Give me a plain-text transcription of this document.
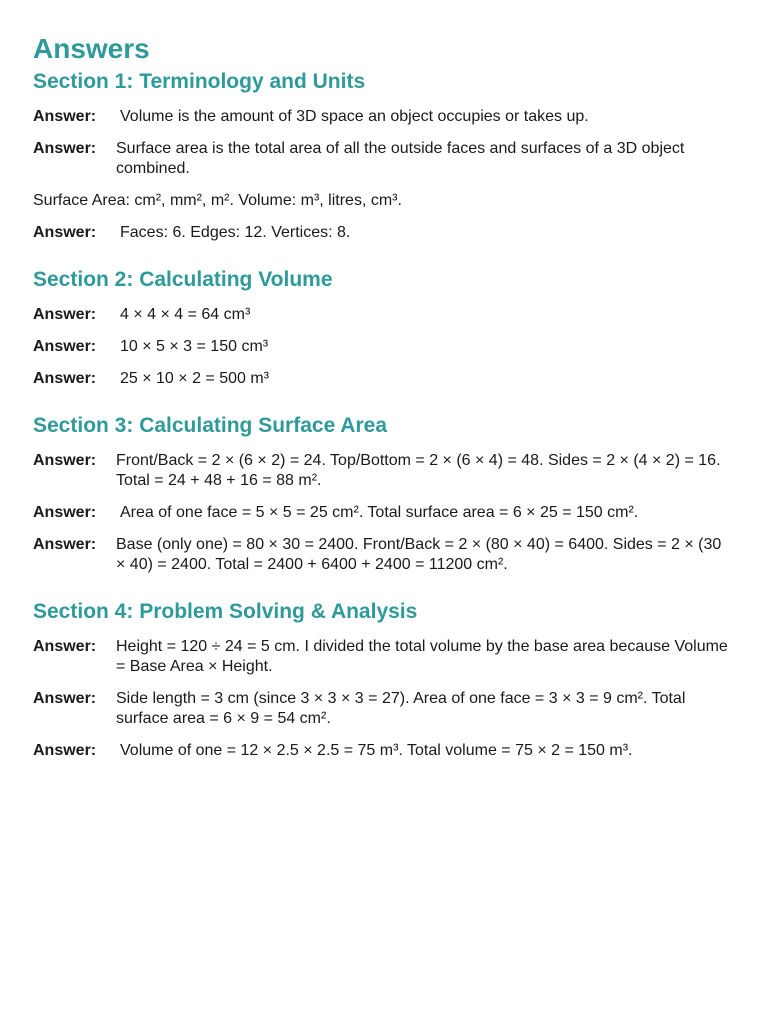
Answers
Section 1: Terminology and Units
Answer:	Volume is the amount of 3D space an object occupies or takes up.
Answer:	Surface area is the total area of all the outside faces and surfaces of a 3D object combined.
Surface Area: cm², mm², m². Volume: m³, litres, cm³.
Answer:	Faces: 6. Edges: 12. Vertices: 8.
Section 2: Calculating Volume
Answer:	4 × 4 × 4 = 64 cm³
Answer:	10 × 5 × 3 = 150 cm³
Answer:	25 × 10 × 2 = 500 m³
Section 3: Calculating Surface Area
Answer:	Front/Back = 2 × (6 × 2) = 24. Top/Bottom = 2 × (6 × 4) = 48. Sides = 2 × (4 × 2) = 16. Total = 24 + 48 + 16 = 88 m².
Answer:	Area of one face = 5 × 5 = 25 cm². Total surface area = 6 × 25 = 150 cm².
Answer:	Base (only one) = 80 × 30 = 2400. Front/Back = 2 × (80 × 40) = 6400. Sides = 2 × (30 × 40) = 2400. Total = 2400 + 6400 + 2400 = 11200 cm².
Section 4: Problem Solving & Analysis
Answer:	Height = 120 ÷ 24 = 5 cm. I divided the total volume by the base area because Volume = Base Area × Height.
Answer:	Side length = 3 cm (since 3 × 3 × 3 = 27). Area of one face = 3 × 3 = 9 cm². Total surface area = 6 × 9 = 54 cm².
Answer:	Volume of one = 12 × 2.5 × 2.5 = 75 m³. Total volume = 75 × 2 = 150 m³.
